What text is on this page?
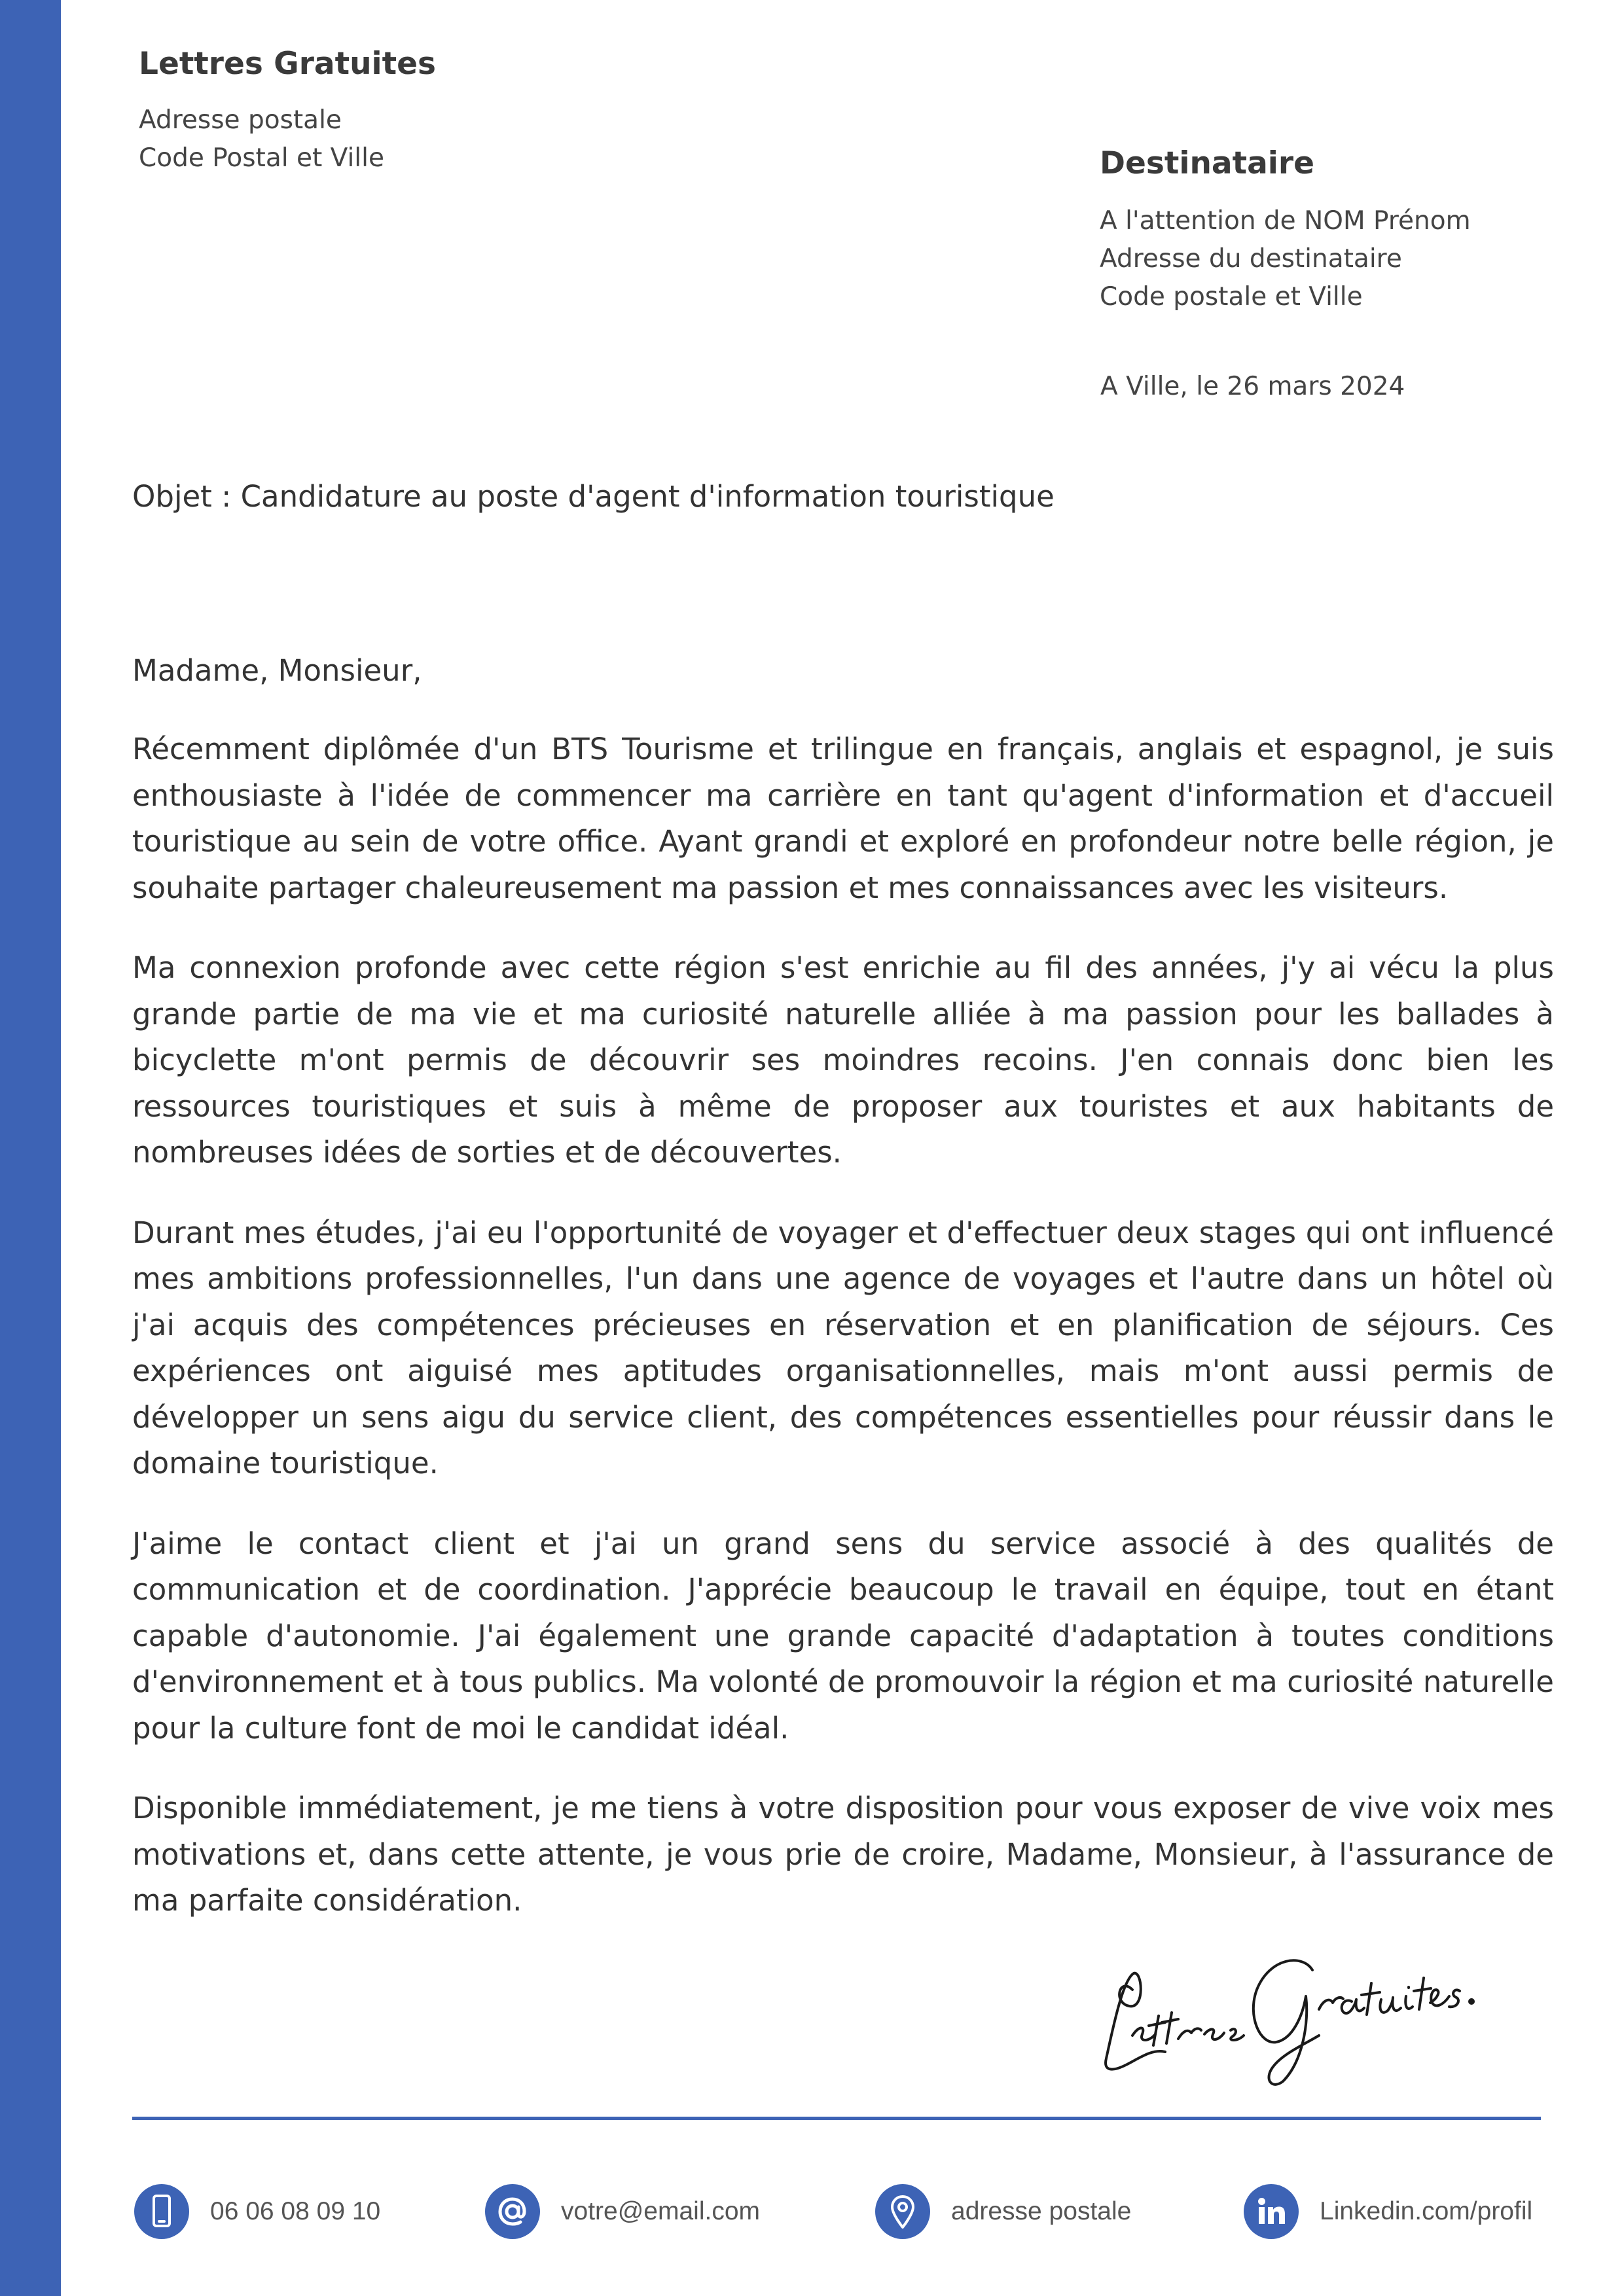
Lettres Gratuites
Adresse postale
Code Postal et Ville	Destinataire
A l'attention de NOM Prénom
Adresse du destinataire
Code postale et Ville
A Ville, le 26 mars 2024
Objet : Candidature au poste d'agent d'information touristique

Madame, Monsieur,

Récemment diplômée d'un BTS Tourisme et trilingue en français, anglais et espagnol, je suis enthousiaste à l'idée de commencer ma carrière en tant qu'agent d'information et d'accueil touristique au sein de votre office. Ayant grandi et exploré en profondeur notre belle région, je souhaite partager chaleureusement ma passion et mes connaissances avec les visiteurs.

Ma connexion profonde avec cette région s'est enrichie au fil des années, j'y ai vécu la plus grande partie de ma vie et ma curiosité naturelle alliée à ma passion pour les ballades à bicyclette m'ont permis de découvrir ses moindres recoins. J'en connais donc bien les ressources touristiques et suis à même de proposer aux touristes et aux habitants de nombreuses idées de sorties et de découvertes.

Durant mes études, j'ai eu l'opportunité de voyager et d'effectuer deux stages qui ont influencé mes ambitions professionnelles, l'un dans une agence de voyages et l'autre dans un hôtel où j'ai acquis des compétences précieuses en réservation et en planification de séjours. Ces expériences ont aiguisé mes aptitudes organisationnelles, mais m'ont aussi permis de développer un sens aigu du service client, des compétences essentielles pour réussir dans le domaine touristique.

J'aime le contact client et j'ai un grand sens du service associé à des qualités de communication et de coordination. J'apprécie beaucoup le travail en équipe, tout en étant capable d'autonomie. J'ai également une grande capacité d'adaptation à toutes conditions d'environnement et à tous publics. Ma volonté de promouvoir la région et ma curiosité naturelle pour la culture font de moi le candidat idéal.

Disponible immédiatement, je me tiens à votre disposition pour vous exposer de vive voix mes motivations et, dans cette attente, je vous prie de croire, Madame, Monsieur, à l'assurance de ma parfaite considération.

06 06 08 09 10	votre@email.com	adresse postale	Linkedin.com/profil
